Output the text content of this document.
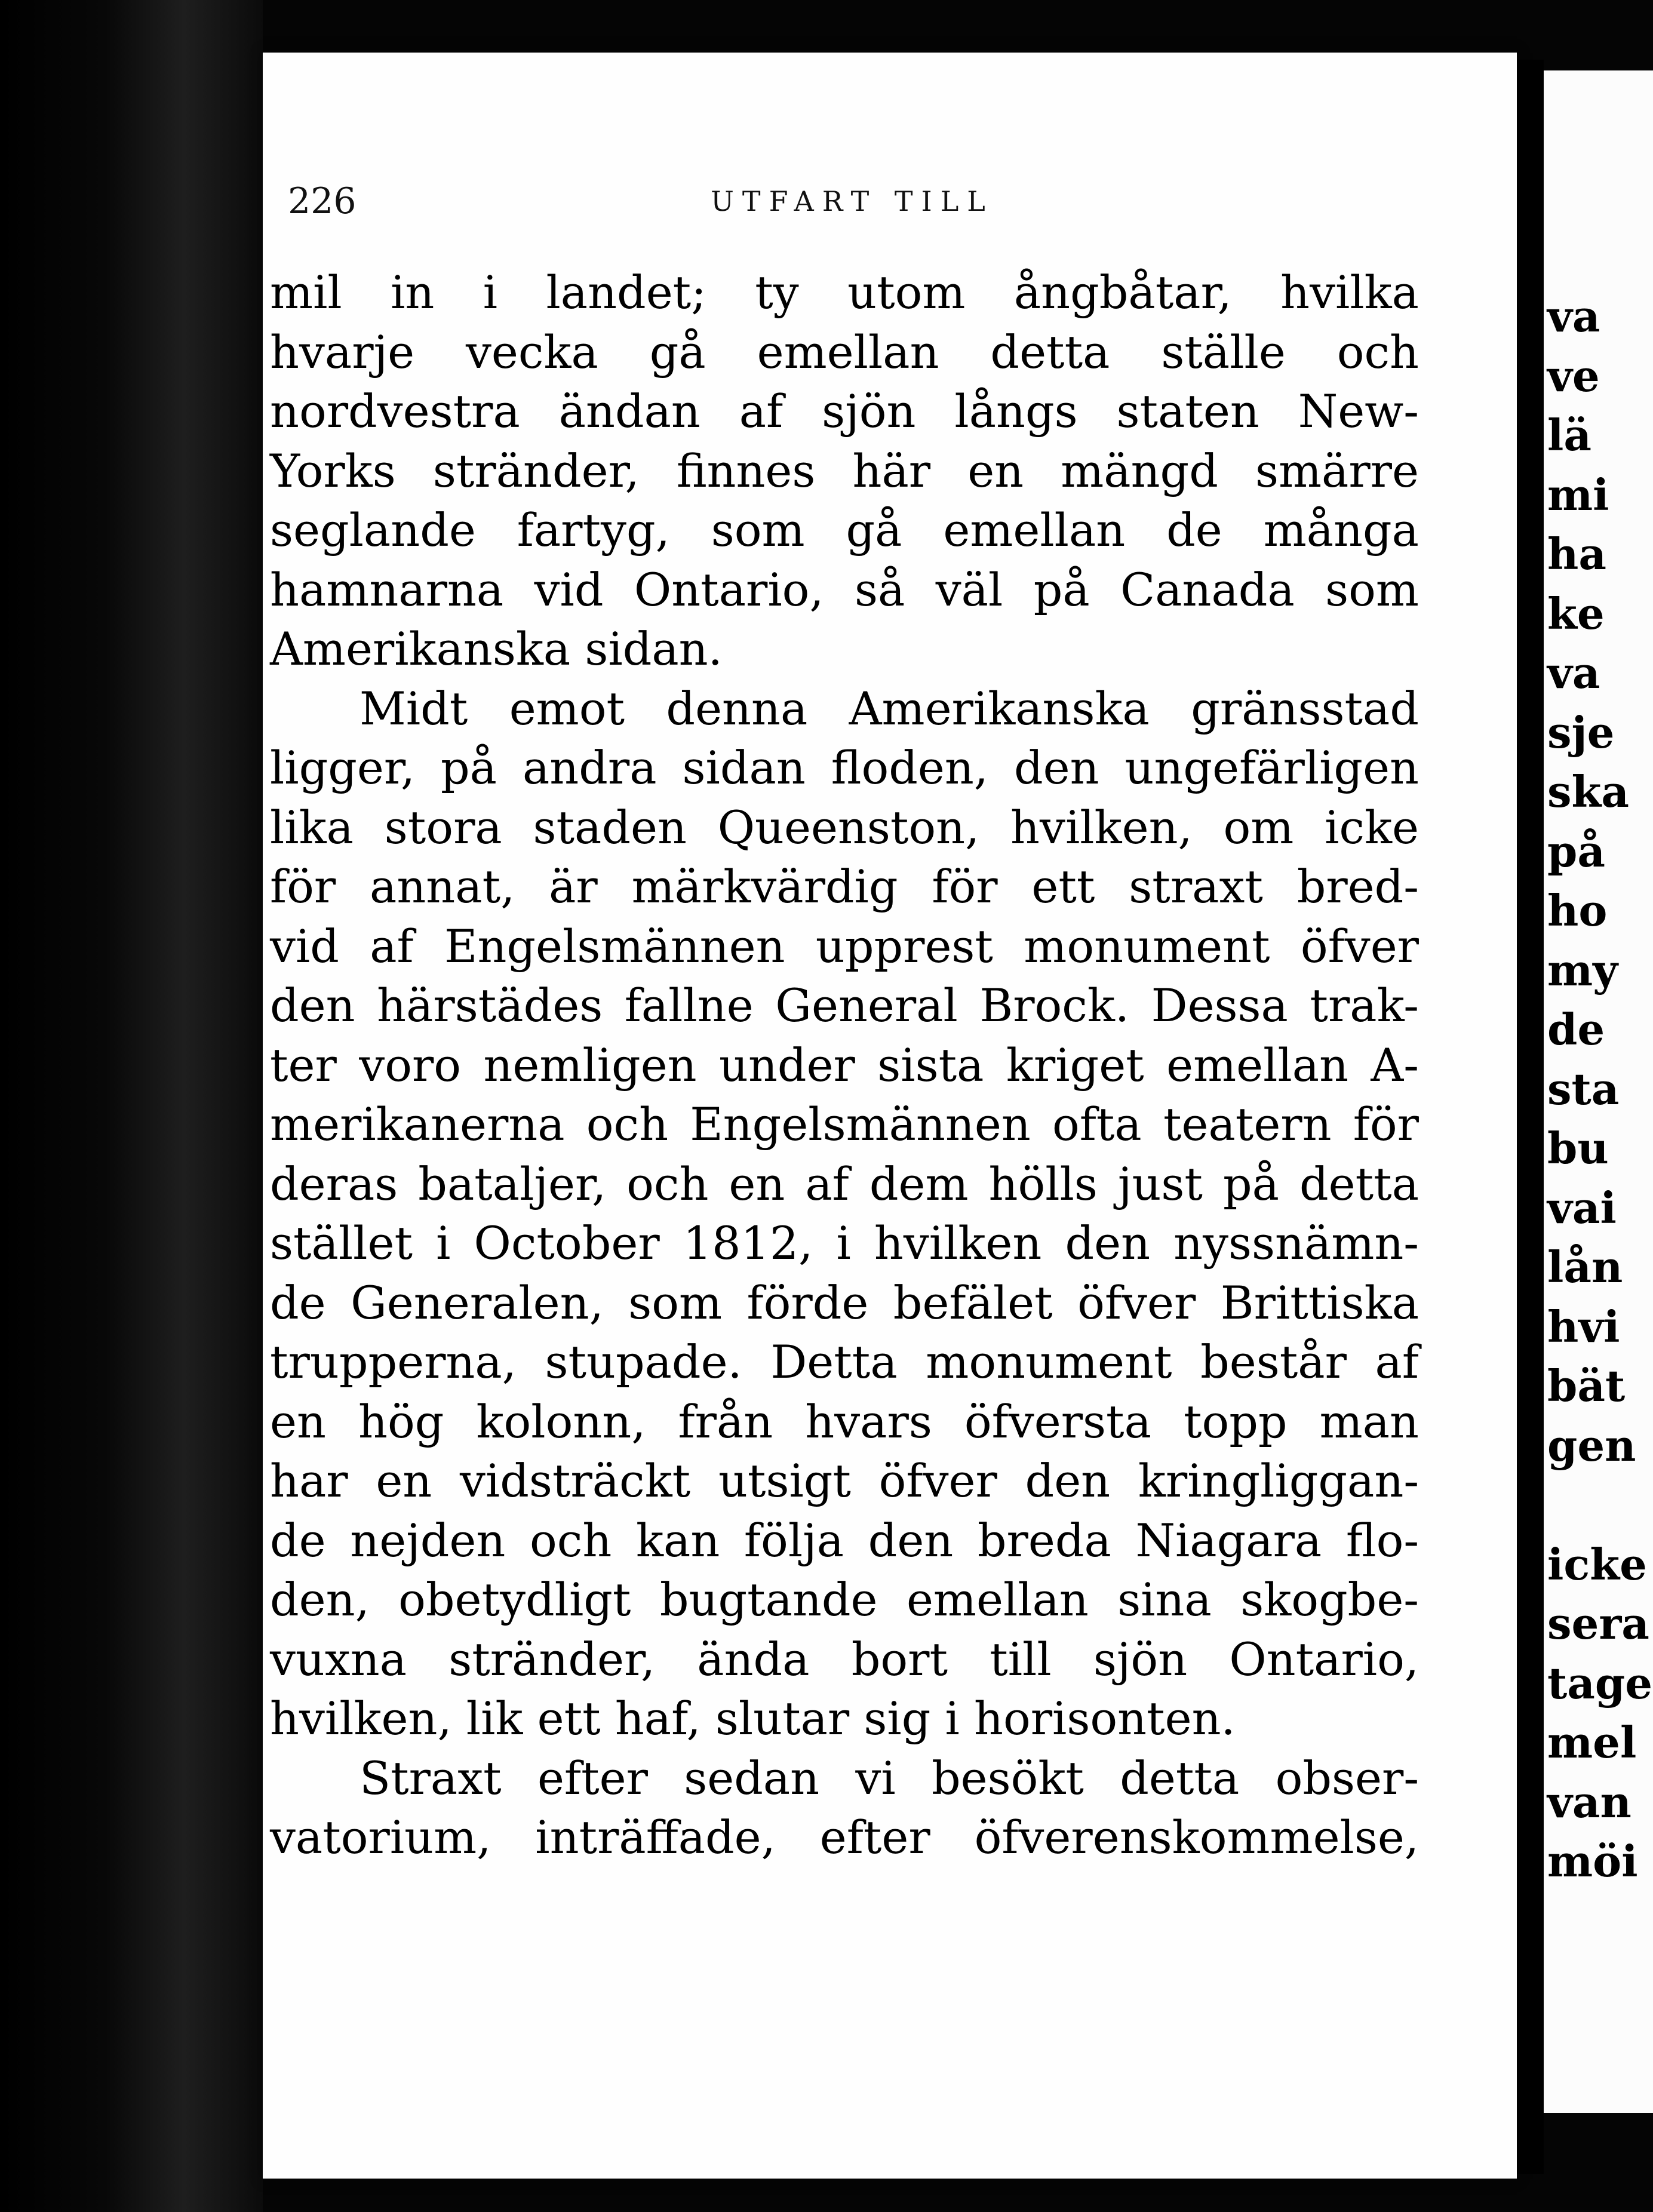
226	UTFART TILL
mil in i landet; ty utom ångbåtar, hvilka
hvarje vecka gå emellan detta ställe och
nordvestra ändan af sjön långs staten New-
Yorks stränder, finnes här en mängd smärre
seglande fartyg, som gå emellan de många
hamnarna vid Ontario, så väl på Canada som
Amerikanska sidan.
Midt emot denna Amerikanska gränsstad
ligger, på andra sidan floden, den ungefärligen
lika stora staden Queenston, hvilken, om icke
för annat, är märkvärdig för ett straxt bred-
vid af Engelsmännen upprest monument öfver
den härstädes fallne General Brock. Dessa trak-
ter voro nemligen under sista kriget emellan A-
merikanerna och Engelsmännen ofta teatern för
deras bataljer, och en af dem hölls just på detta
stället i October 1812, i hvilken den nyssnämn-
de Generalen, som förde befälet öfver Brittiska
trupperna, stupade. Detta monument består af
en hög kolonn, från hvars öfversta topp man
har en vidsträckt utsigt öfver den kringliggan-
de nejden och kan följa den breda Niagara flo-
den, obetydligt bugtande emellan sina skogbe-
vuxna stränder, ända bort till sjön Ontario,
hvilken, lik ett haf, slutar sig i horisonten.
Straxt efter sedan vi besökt detta obser-
vatorium, inträffade, efter öfverenskommelse,
va
ve
lä
mi
ha
ke
va
sje
ska
på
ho
my
de
sta
bu
vai
lån
hvi
bät
gen
icke
sera
tage
mel
van
möi
